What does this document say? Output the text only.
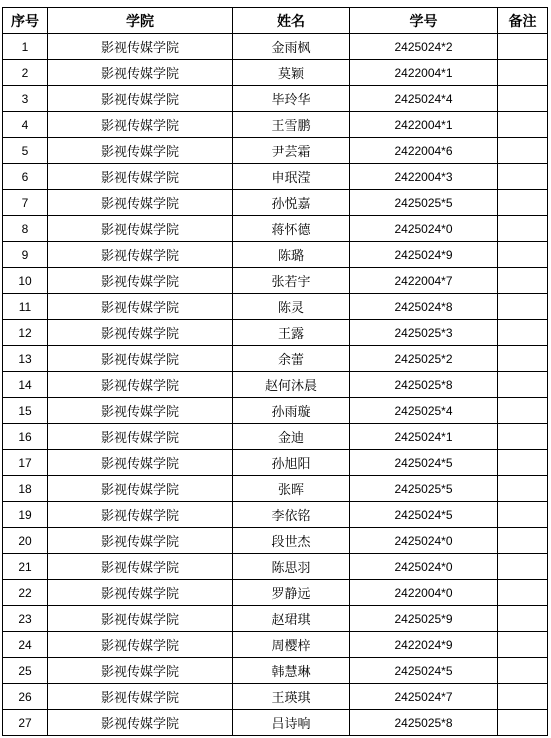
序号	学院	姓名	学号	备注
1	影视传媒学院	金雨枫	2425024*2	
2	影视传媒学院	莫颖	2422004*1	
3	影视传媒学院	毕玲华	2425024*4	
4	影视传媒学院	王雪鹏	2422004*1	
5	影视传媒学院	尹芸霜	2422004*6	
6	影视传媒学院	申珉滢	2422004*3	
7	影视传媒学院	孙悦嘉	2425025*5	
8	影视传媒学院	蒋怀德	2425024*0	
9	影视传媒学院	陈璐	2425024*9	
10	影视传媒学院	张若宇	2422004*7	
11	影视传媒学院	陈灵	2425024*8	
12	影视传媒学院	王露	2425025*3	
13	影视传媒学院	余蕾	2425025*2	
14	影视传媒学院	赵何沐晨	2425025*8	
15	影视传媒学院	孙雨璇	2425025*4	
16	影视传媒学院	金迪	2425024*1	
17	影视传媒学院	孙旭阳	2425024*5	
18	影视传媒学院	张晖	2425025*5	
19	影视传媒学院	李依铭	2425024*5	
20	影视传媒学院	段世杰	2425024*0	
21	影视传媒学院	陈思羽	2425024*0	
22	影视传媒学院	罗静远	2422004*0	
23	影视传媒学院	赵珺琪	2425025*9	
24	影视传媒学院	周樱梓	2422024*9	
25	影视传媒学院	韩慧琳	2425024*5	
26	影视传媒学院	王瑛琪	2425024*7	
27	影视传媒学院	吕诗响	2425025*8	
